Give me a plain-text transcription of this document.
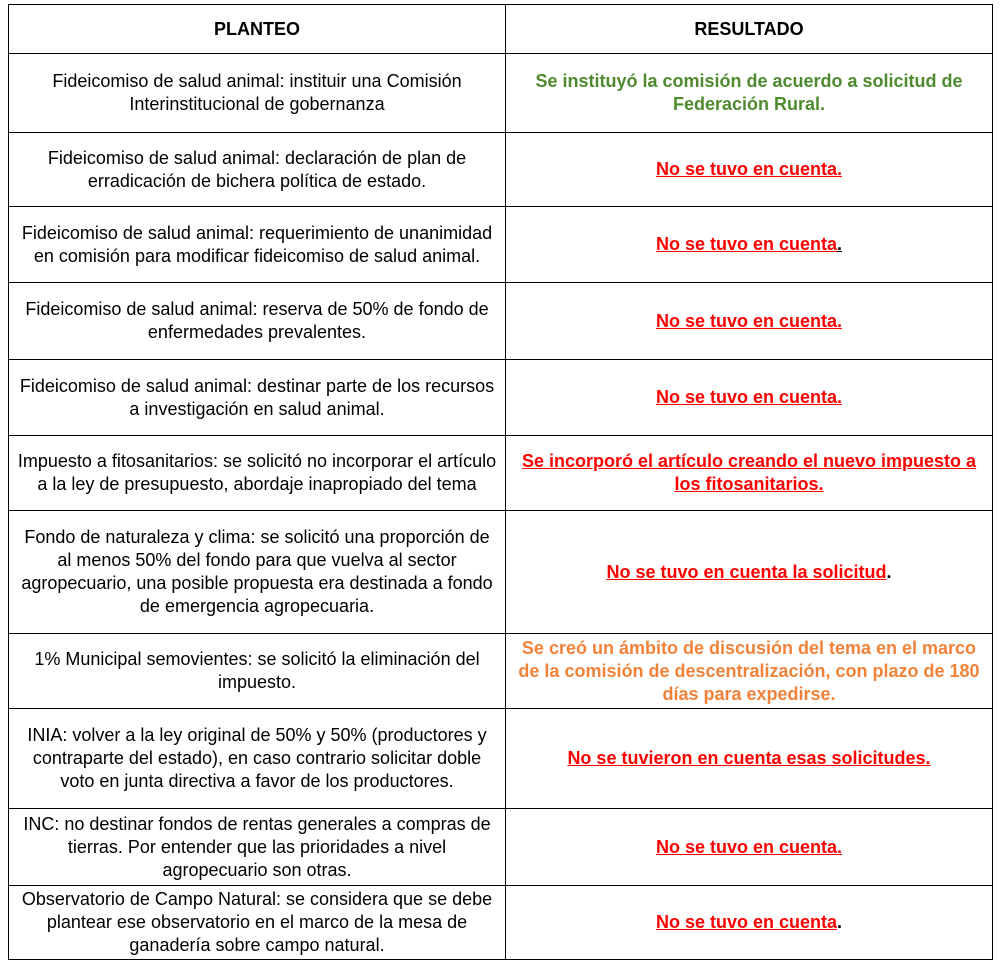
PLANTEO	RESULTADO
Fideicomiso de salud animal: instituir una Comisión Interinstitucional de gobernanza	Se instituyó la comisión de acuerdo a solicitud de Federación Rural.
Fideicomiso de salud animal: declaración de plan de erradicación de bichera política de estado.	No se tuvo en cuenta.
Fideicomiso de salud animal: requerimiento de unanimidad en comisión para modificar fideicomiso de salud animal.	No se tuvo en cuenta.
Fideicomiso de salud animal: reserva de 50% de fondo de enfermedades prevalentes.	No se tuvo en cuenta.
Fideicomiso de salud animal: destinar parte de los recursos a investigación en salud animal.	No se tuvo en cuenta.
Impuesto a fitosanitarios: se solicitó no incorporar el artículo a la ley de presupuesto, abordaje inapropiado del tema	Se incorporó el artículo creando el nuevo impuesto a los fitosanitarios.
Fondo de naturaleza y clima: se solicitó una proporción de al menos 50% del fondo para que vuelva al sector agropecuario, una posible propuesta era destinada a fondo de emergencia agropecuaria.	No se tuvo en cuenta la solicitud.
1% Municipal semovientes: se solicitó la eliminación del impuesto.	Se creó un ámbito de discusión del tema en el marco de la comisión de descentralización, con plazo de 180 días para expedirse.
INIA: volver a la ley original de 50% y 50% (productores y contraparte del estado), en caso contrario solicitar doble voto en junta directiva a favor de los productores.	No se tuvieron en cuenta esas solicitudes.
INC: no destinar fondos de rentas generales a compras de tierras. Por entender que las prioridades a nivel agropecuario son otras.	No se tuvo en cuenta.
Observatorio de Campo Natural: se considera que se debe plantear ese observatorio en el marco de la mesa de ganadería sobre campo natural.	No se tuvo en cuenta.
